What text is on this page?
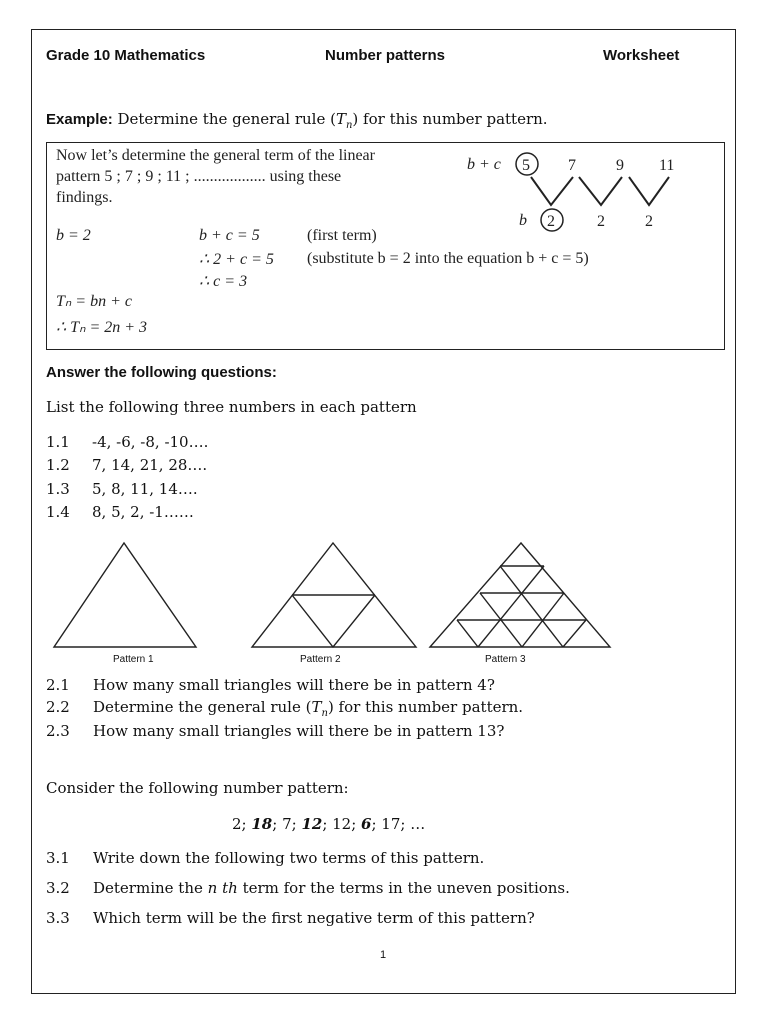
Grade 10 Mathematics	Number patterns	Worksheet
Example: Determine the general rule $(T_n)$ for this number pattern.
Now let’s determine the general term of the linear
pattern 5 ; 7 ; 9 ; 11 ; .................. using these
findings.
b = 2	b + c = 5	(first term)
∴ 2 + c = 5 (substitute b = 2 into the equation b + c = 5)
∴ c = 3
Tₙ = bn + c
∴ Tₙ = 2n + 3
b + c 5 7	9 11
b 2	2	2
Answer the following questions:
List the following three numbers in each pattern
1.1	-4, -6, -8, -10….
1.2	7, 14, 21, 28….
1.3	5, 8, 11, 14….
1.4	8, 5, 2, -1……
Pattern 1	Pattern 2	Pattern 3
2.1	How many small triangles will there be in pattern 4?
2.2	Determine the general rule $(T_n)$ for this number pattern.
2.3	How many small triangles will there be in pattern 13?
Consider the following number pattern:
2; 18; 7; 12; 12; 6; 17; …
3.1	Write down the following two terms of this pattern.
3.2	Determine the n th term for the terms in the uneven positions.
3.3	Which term will be the first negative term of this pattern?
1
